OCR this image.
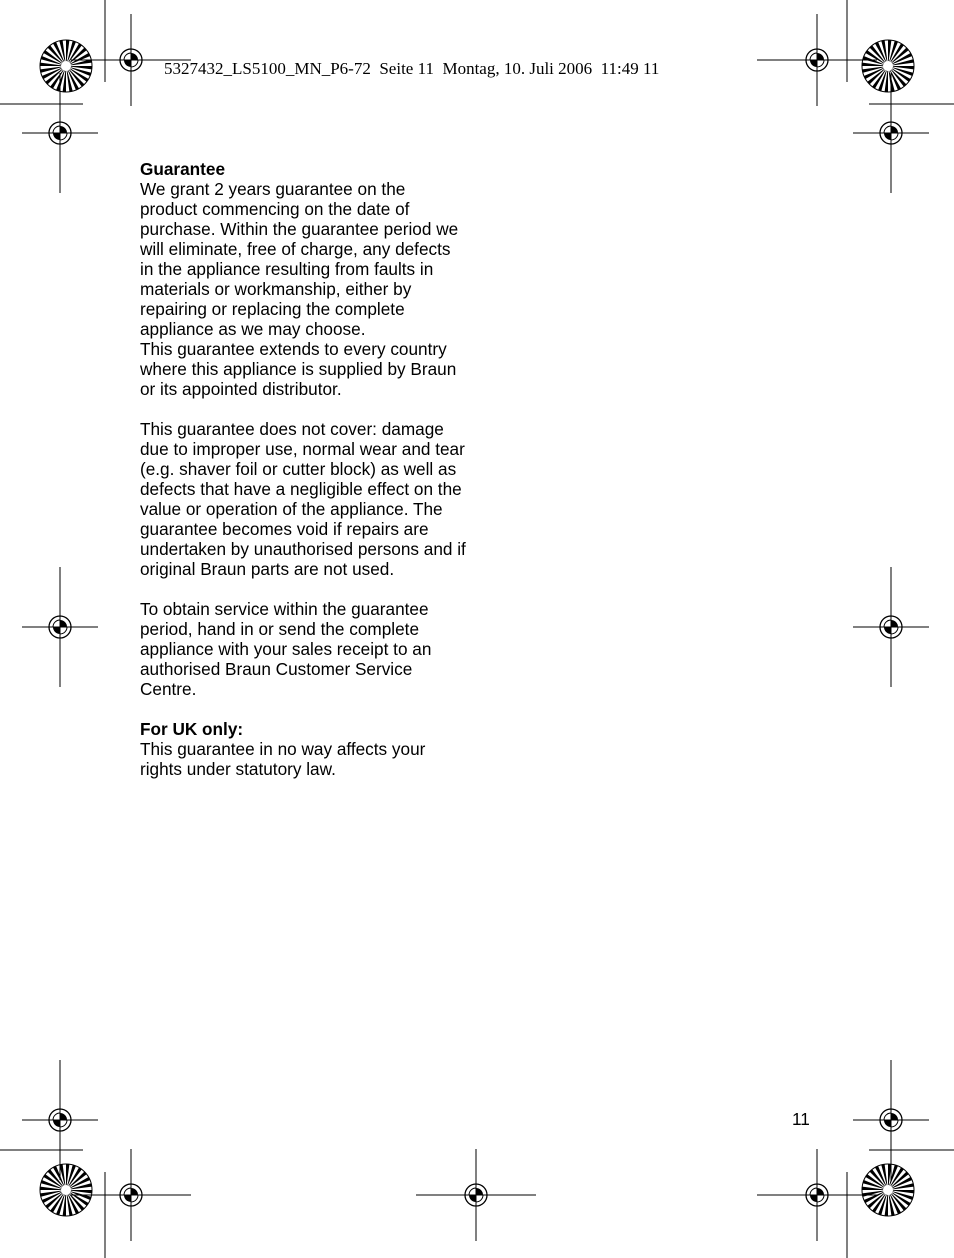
5327432_LS5100_MN_P6-72  Seite 11  Montag, 10. Juli 2006  11:49 11

Guarantee

We grant 2 years guarantee on the product commencing on the date of purchase. Within the guarantee period we will eliminate, free of charge, any defects in the appliance resulting from faults in materials or workmanship, either by repairing or replacing the complete appliance as we may choose.

This guarantee extends to every country where this appliance is supplied by Braun or its appointed distributor.

This guarantee does not cover: damage due to improper use, normal wear and tear (e.g. shaver foil or cutter block) as well as defects that have a negligible effect on the value or operation of the appliance. The guarantee becomes void if repairs are undertaken by unauthorised persons and if original Braun parts are not used.

To obtain service within the guarantee period, hand in or send the complete appliance with your sales receipt to an authorised Braun Customer Service Centre.

For UK only:

This guarantee in no way affects your rights under statutory law.

11
